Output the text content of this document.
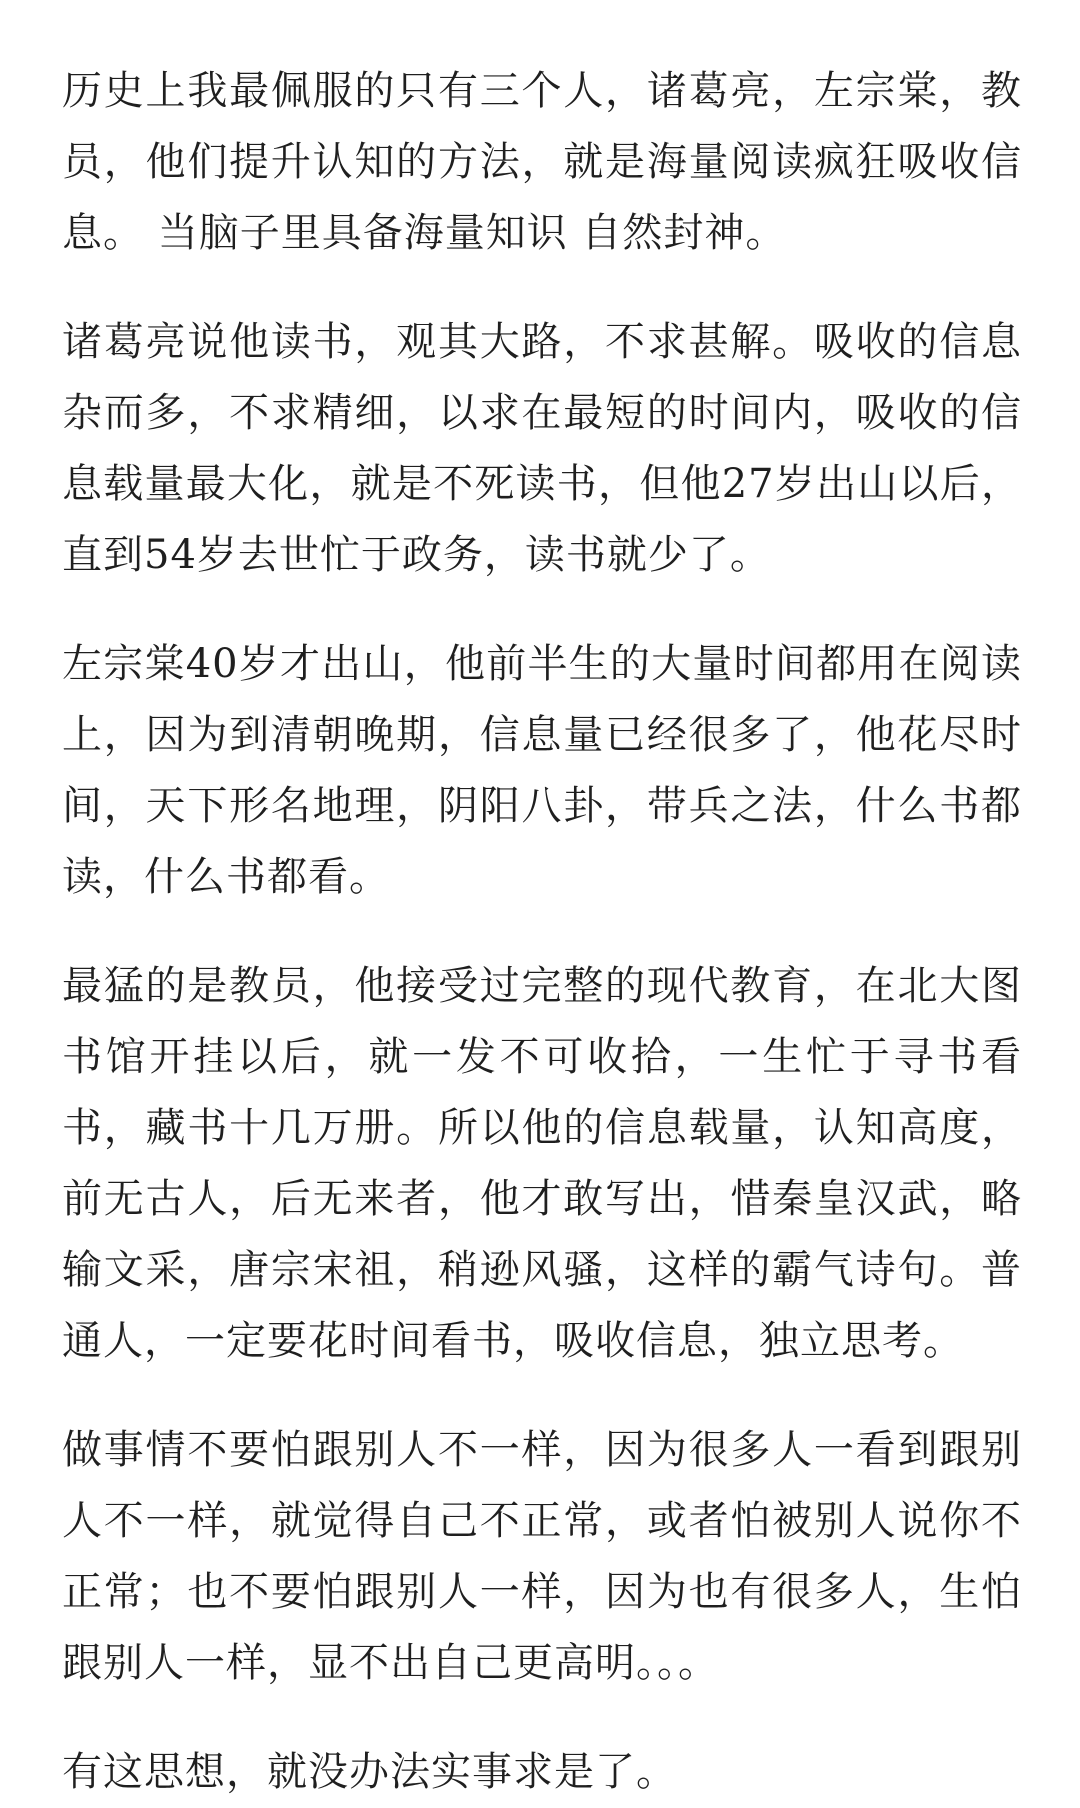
历史上我最佩服的只有三个人，诸葛亮，左宗棠，教员，他们提升认知的方法，就是海量阅读疯狂吸收信息。 当脑子里具备海量知识 自然封神。

诸葛亮说他读书，观其大路，不求甚解。吸收的信息杂而多，不求精细，以求在最短的时间内，吸收的信息载量最大化，就是不死读书，但他27岁出山以后，直到54岁去世忙于政务，读书就少了。

左宗棠40岁才出山，他前半生的大量时间都用在阅读上，因为到清朝晚期，信息量已经很多了，他花尽时间，天下形名地理，阴阳八卦，带兵之法，什么书都读，什么书都看。

最猛的是教员，他接受过完整的现代教育，在北大图书馆开挂以后，就一发不可收拾，一生忙于寻书看书，藏书十几万册。所以他的信息载量，认知高度，前无古人，后无来者，他才敢写出，惜秦皇汉武，略输文采，唐宗宋祖，稍逊风骚，这样的霸气诗句。普通人，一定要花时间看书，吸收信息，独立思考。

做事情不要怕跟别人不一样，因为很多人一看到跟别人不一样，就觉得自己不正常，或者怕被别人说你不正常；也不要怕跟别人一样，因为也有很多人，生怕跟别人一样，显不出自己更高明。。。

有这思想，就没办法实事求是了。
